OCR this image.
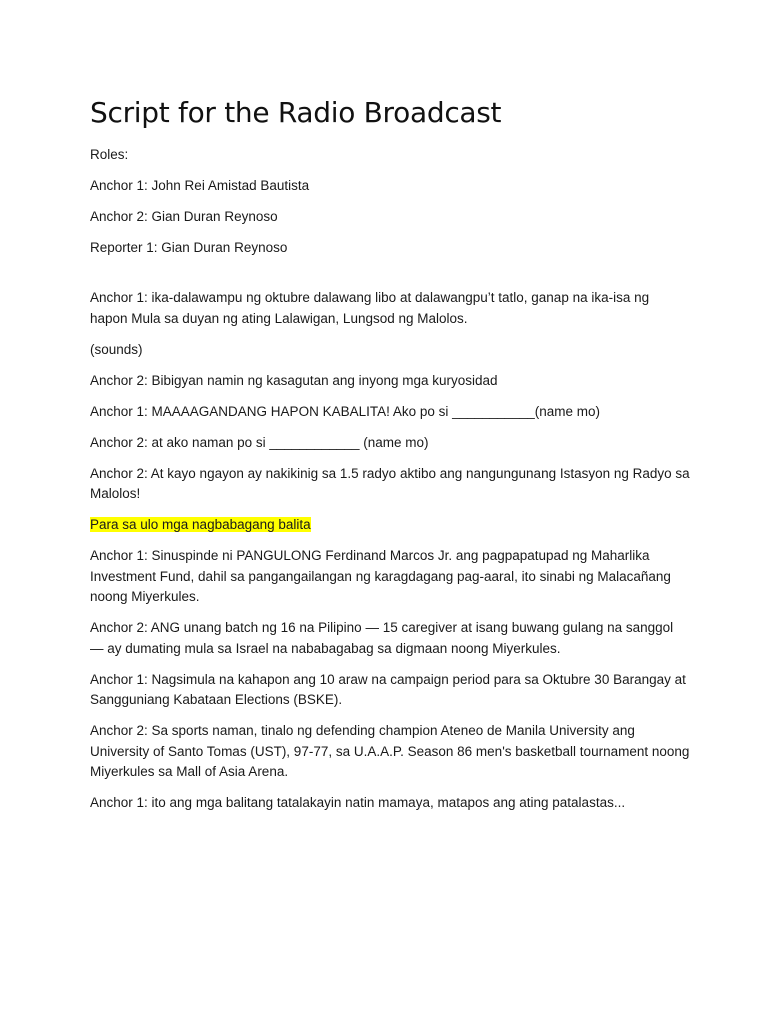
Script for the Radio Broadcast

Roles:

Anchor 1: John Rei Amistad Bautista

Anchor 2: Gian Duran Reynoso

Reporter 1: Gian Duran Reynoso

Anchor 1: ika-dalawampu ng oktubre dalawang libo at dalawangpu’t tatlo, ganap na ika-isa ng hapon Mula sa duyan ng ating Lalawigan, Lungsod ng Malolos.

(sounds)

Anchor 2: Bibigyan namin ng kasagutan ang inyong mga kuryosidad

Anchor 1: MAAAAGANDANG HAPON KABALITA! Ako po si ___________(name mo)

Anchor 2: at ako naman po si ____________ (name mo)

Anchor 2: At kayo ngayon ay nakikinig sa 1.5 radyo aktibo ang nangungunang Istasyon ng Radyo sa Malolos!

Para sa ulo mga nagbabagang balita

Anchor 1: Sinuspinde ni PANGULONG Ferdinand Marcos Jr. ang pagpapatupad ng Maharlika Investment Fund, dahil sa pangangailangan ng karagdagang pag-aaral, ito sinabi ng Malacañang noong Miyerkules.

Anchor 2: ANG unang batch ng 16 na Pilipino — 15 caregiver at isang buwang gulang na sanggol — ay dumating mula sa Israel na nababagabag sa digmaan noong Miyerkules.

Anchor 1: Nagsimula na kahapon ang 10 araw na campaign period para sa Oktubre 30 Barangay at Sangguniang Kabataan Elections (BSKE).

Anchor 2: Sa sports naman, tinalo ng defending champion Ateneo de Manila University ang University of Santo Tomas (UST), 97-77, sa U.A.A.P. Season 86 men's basketball tournament noong Miyerkules sa Mall of Asia Arena.

Anchor 1: ito ang mga balitang tatalakayin natin mamaya, matapos ang ating patalastas...
